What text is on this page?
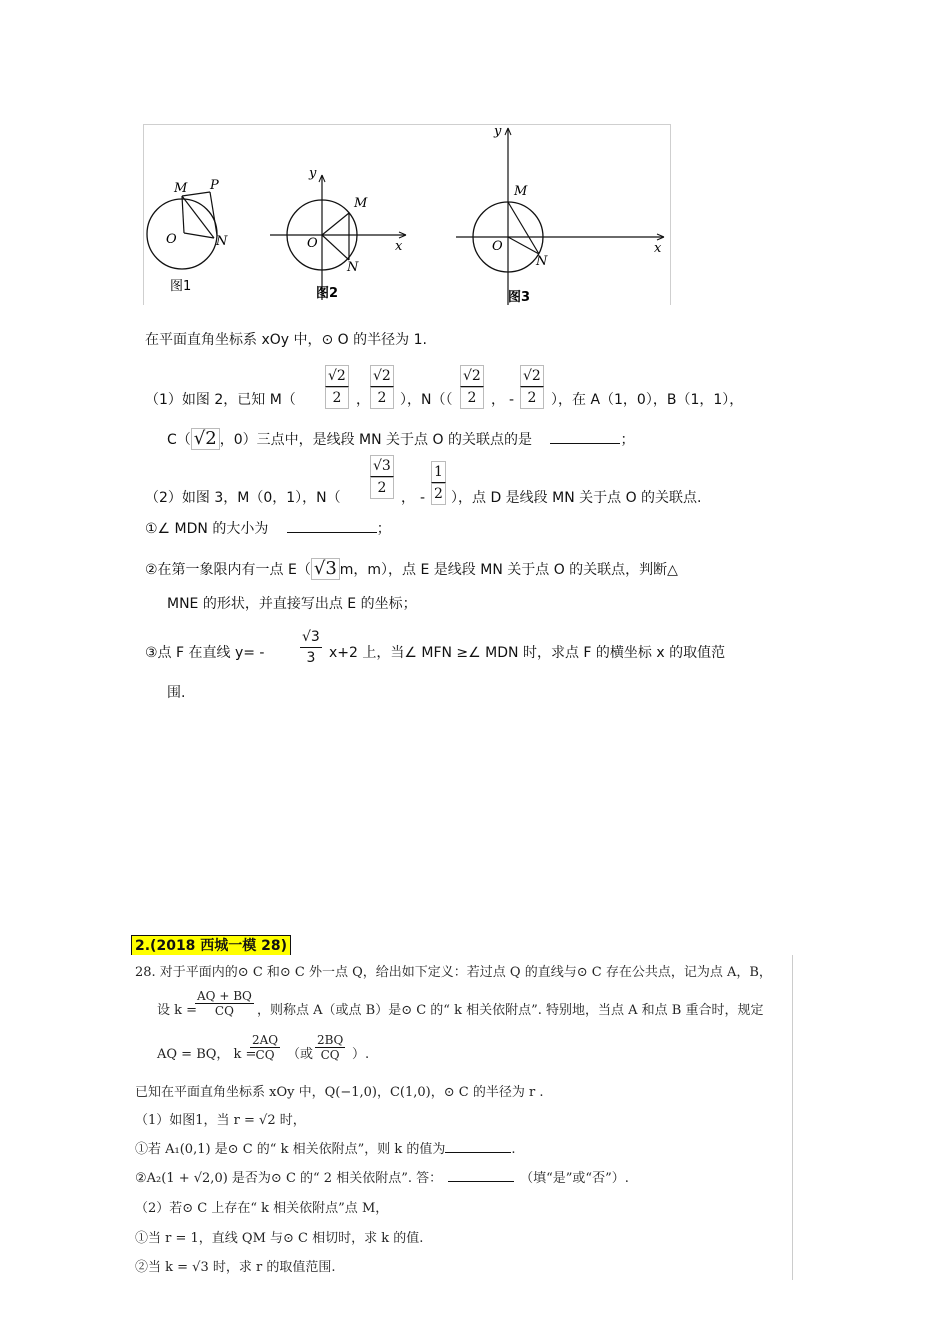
M P
O	N
图1
y
M
O
N
x
图2
y
M
O
N
x
图3
在平面直角坐标系 xOy 中，⊙ O 的半径为 1.
（1）如图 2，已知 $M( \frac{√2}{2}$ ， $\frac{√2}{2}$ ），$N(( \frac{√2}{2}$ ， - $\frac{√2}{2}$ ），在 A（1，0），B（1，1），
C（ √2 ，0）三点中，是线段 MN 关于点 O 的关联点的是	；
（2）如图 3，M（0，1），$N( \frac{√3}{2}$ ， - $\frac{1}{2}$ ），点 D 是线段 MN 关于点 O 的关联点.
①∠ MDN 的大小为	；
②在第一象限内有一点 E（ √3 m，m），点 E 是线段 MN 关于点 O 的关联点，判断△
MNE 的形状，并直接写出点 E 的坐标；
③点 F 在直线 y= -	$\frac{√3}{3} x+2$ 上，当∠ MFN ≥∠ MDN 时，求点 F 的横坐标 x 的取值范
围.
2.(2018 西城一模 28)
28. 对于平面内的⊙ C 和⊙ C 外一点 Q，给出如下定义：若过点 Q 的直线与⊙ C 存在公共点，记为点 A，B，
设 k =
$\frac{AQ + BQ}{CQ}$ ，则称点 A（或点 B）是⊙ C 的“ k 相关依附点”. 特别地，当点 A 和点 B 重合时，规定
AQ = BQ， k =
$\frac{2AQ}{CQ}$ （或 $\frac{2BQ}{CQ}$ ）.
已知在平面直角坐标系 xOy 中，Q(−1,0)，C(1,0)，⊙ C 的半径为 r .
（1）如图1，当 r = √2 时，
①若 A₁(0,1) 是⊙ C 的“ k 相关依附点”，则 k 的值为	.
②A₂(1 + √2,0) 是否为⊙ C 的“ 2 相关依附点”. 答：	（填“是”或“否”）.
（2）若⊙ C 上存在“ k 相关依附点”点 M，
①当 r = 1，直线 QM 与⊙ C 相切时，求 k 的值.
②当 k = √3 时，求 r 的取值范围.
